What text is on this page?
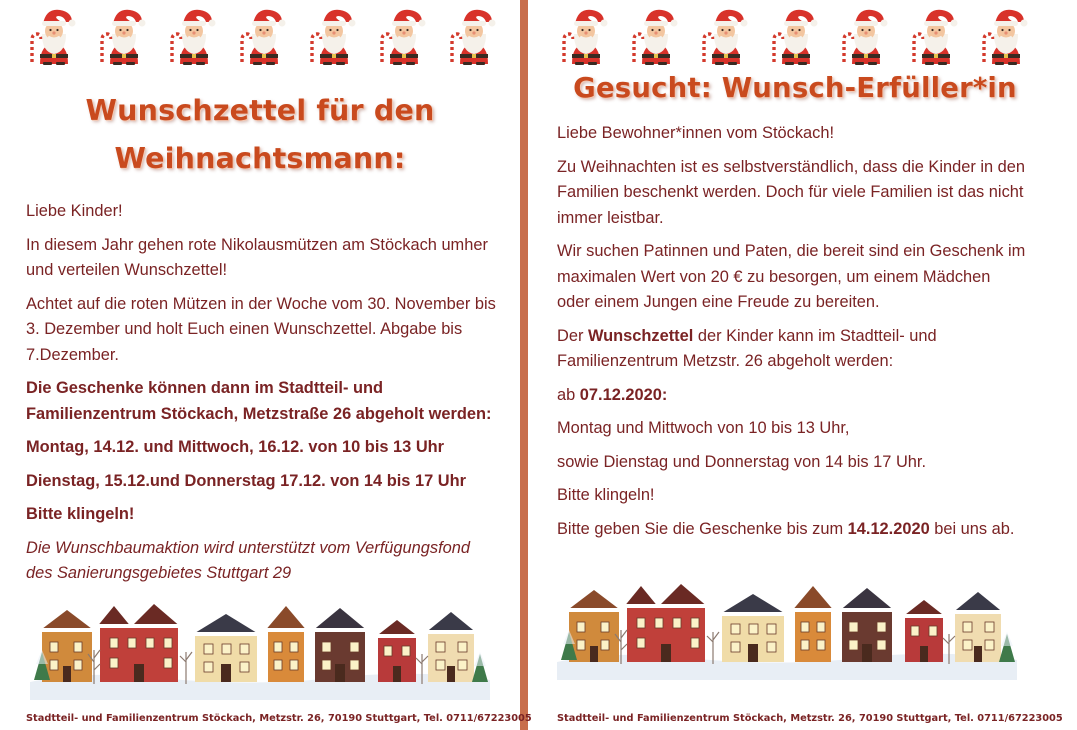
Wunschzettel für den
Weihnachtsmann:

Liebe Kinder!

In diesem Jahr gehen rote Nikolausmützen am Stöckach umher und verteilen Wunschzettel!

Achtet auf die roten Mützen in der Woche vom 30. November bis 3. Dezember und holt Euch einen Wunschzettel. Abgabe bis 7.Dezember.

Die Geschenke können dann im Stadtteil- und Familienzentrum Stöckach, Metzstraße 26 abgeholt werden:

Montag, 14.12. und Mittwoch, 16.12. von 10 bis 13 Uhr

Dienstag, 15.12.und Donnerstag 17.12. von 14 bis 17 Uhr

Bitte klingeln!

Die Wunschbaumaktion wird unterstützt vom Verfügungsfond des Sanierungsgebietes Stuttgart 29

Stadtteil- und Familienzentrum Stöckach, Metzstr. 26, 70190 Stuttgart, Tel. 0711/67223005
Gesucht: Wunsch-Erfüller*in

Liebe Bewohner*innen vom Stöckach!

Zu Weihnachten ist es selbstverständlich, dass die Kinder in den Familien beschenkt werden. Doch für viele Familien ist das nicht immer leistbar.

Wir suchen Patinnen und Paten, die bereit sind ein Geschenk im maximalen Wert von 20 € zu besorgen, um einem Mädchen oder einem Jungen eine Freude zu bereiten.

Der Wunschzettel der Kinder kann im Stadtteil- und Familienzentrum Metzstr. 26 abgeholt werden:

ab 07.12.2020:

Montag und Mittwoch von 10 bis 13 Uhr,

sowie Dienstag und Donnerstag von 14 bis 17 Uhr.

Bitte klingeln!

Bitte geben Sie die Geschenke bis zum 14.12.2020 bei uns ab.

Stadtteil- und Familienzentrum Stöckach, Metzstr. 26, 70190 Stuttgart, Tel. 0711/67223005
